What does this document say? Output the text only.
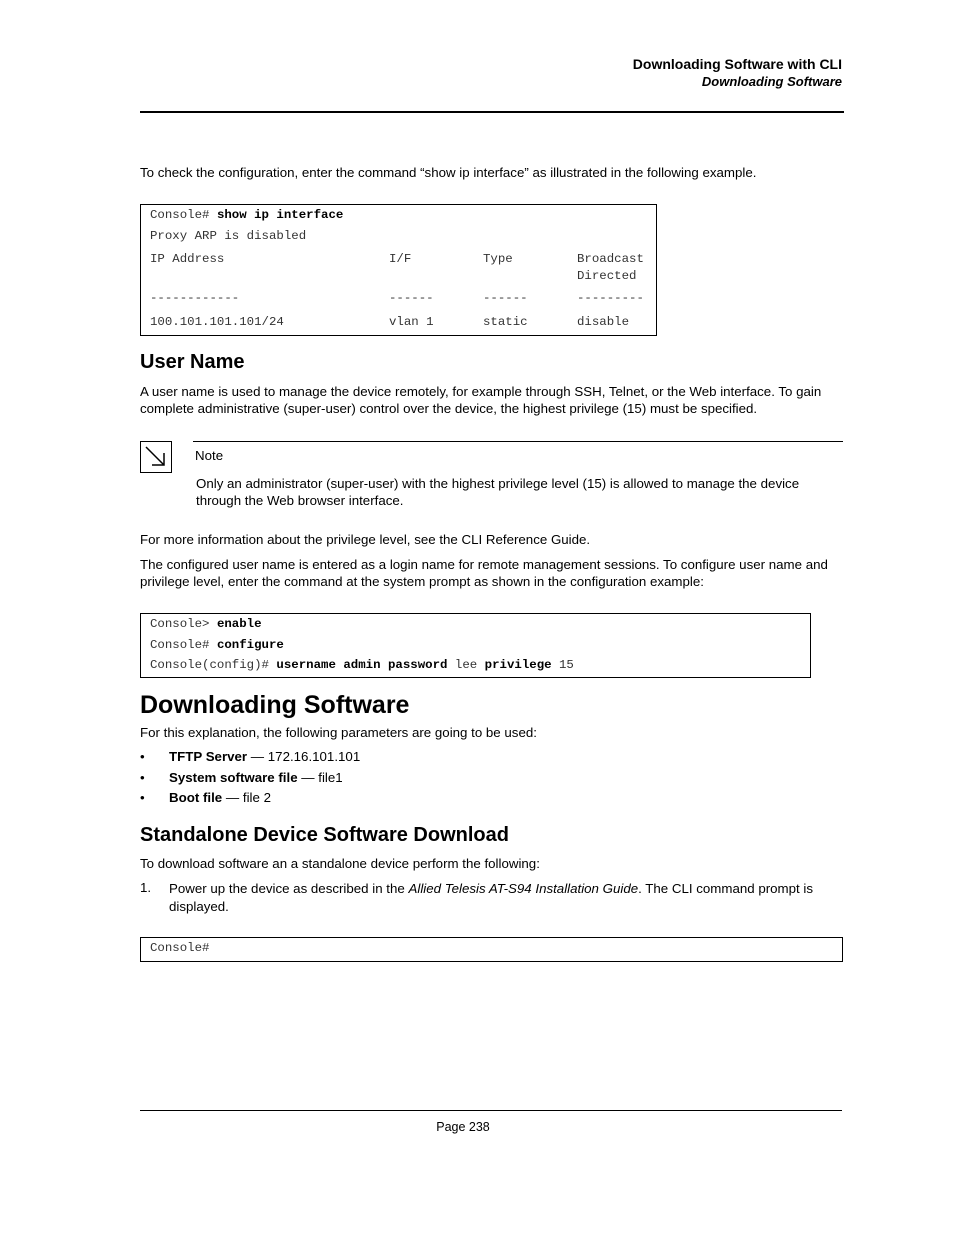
Downloading Software with CLI
Downloading Software
To check the configuration, enter the command “show ip interface” as illustrated in the following example.
Console# show ip interface
Proxy ARP is disabled
IP Address	I/F	Type	Broadcast
Directed
------------	------	------	---------
100.101.101.101/24	vlan 1	static	disable
User Name
A user name is used to manage the device remotely, for example through SSH, Telnet, or the Web interface. To gain complete administrative (super-user) control over the device, the highest privilege (15) must be specified.
Note
Only an administrator (super-user) with the highest privilege level (15) is allowed to manage the device through the Web browser interface.
For more information about the privilege level, see the CLI Reference Guide.
The configured user name is entered as a login name for remote management sessions. To configure user name and privilege level, enter the command at the system prompt as shown in the configuration example:
Console> enable
Console# configure
Console(config)# username admin password lee privilege 15
Downloading Software
For this explanation, the following parameters are going to be used:
• TFTP Server — 172.16.101.101
• System software file — file1
• Boot file — file 2
Standalone Device Software Download
To download software an a standalone device perform the following:
1. Power up the device as described in the Allied Telesis AT-S94 Installation Guide. The CLI command prompt is displayed.
Console#
Page 238
